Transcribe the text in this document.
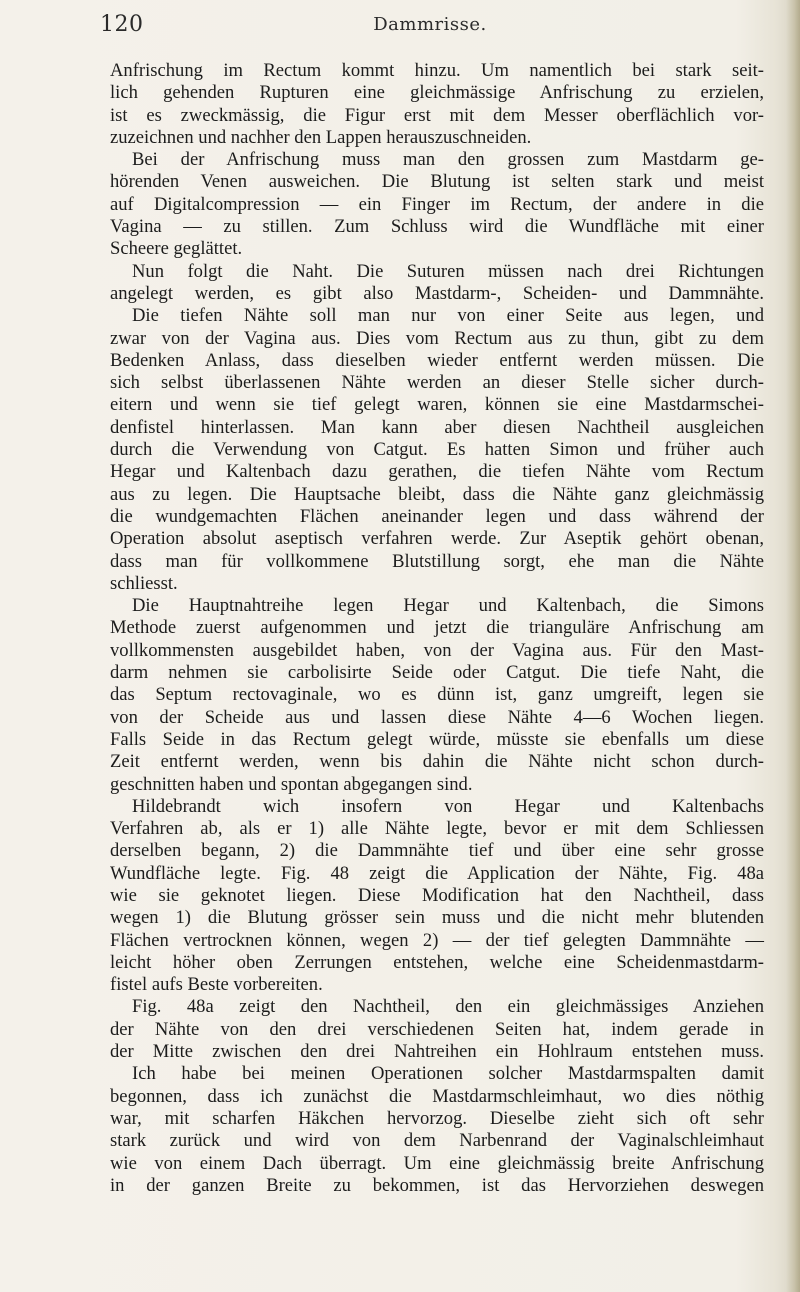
120	Dammrisse.
Anfrischung im Rectum kommt hinzu. Um namentlich bei stark seit-
lich gehenden Rupturen eine gleichmässige Anfrischung zu erzielen,
ist es zweckmässig, die Figur erst mit dem Messer oberflächlich vor-
zuzeichnen und nachher den Lappen herauszuschneiden.
Bei der Anfrischung muss man den grossen zum Mastdarm ge-
hörenden Venen ausweichen. Die Blutung ist selten stark und meist
auf Digitalcompression — ein Finger im Rectum, der andere in die
Vagina — zu stillen. Zum Schluss wird die Wundfläche mit einer
Scheere geglättet.
Nun folgt die Naht. Die Suturen müssen nach drei Richtungen
angelegt werden, es gibt also Mastdarm-, Scheiden- und Dammnähte.
Die tiefen Nähte soll man nur von einer Seite aus legen, und
zwar von der Vagina aus. Dies vom Rectum aus zu thun, gibt zu dem
Bedenken Anlass, dass dieselben wieder entfernt werden müssen. Die
sich selbst überlassenen Nähte werden an dieser Stelle sicher durch-
eitern und wenn sie tief gelegt waren, können sie eine Mastdarmschei-
denfistel hinterlassen. Man kann aber diesen Nachtheil ausgleichen
durch die Verwendung von Catgut. Es hatten Simon und früher auch
Hegar und Kaltenbach dazu gerathen, die tiefen Nähte vom Rectum
aus zu legen. Die Hauptsache bleibt, dass die Nähte ganz gleichmässig
die wundgemachten Flächen aneinander legen und dass während der
Operation absolut aseptisch verfahren werde. Zur Aseptik gehört obenan,
dass man für vollkommene Blutstillung sorgt, ehe man die Nähte
schliesst.
Die Hauptnahtreihe legen Hegar und Kaltenbach, die Simons
Methode zuerst aufgenommen und jetzt die trianguläre Anfrischung am
vollkommensten ausgebildet haben, von der Vagina aus. Für den Mast-
darm nehmen sie carbolisirte Seide oder Catgut. Die tiefe Naht, die
das Septum rectovaginale, wo es dünn ist, ganz umgreift, legen sie
von der Scheide aus und lassen diese Nähte 4—6 Wochen liegen.
Falls Seide in das Rectum gelegt würde, müsste sie ebenfalls um diese
Zeit entfernt werden, wenn bis dahin die Nähte nicht schon durch-
geschnitten haben und spontan abgegangen sind.
Hildebrandt wich insofern von Hegar und Kaltenbachs
Verfahren ab, als er 1) alle Nähte legte, bevor er mit dem Schliessen
derselben begann, 2) die Dammnähte tief und über eine sehr grosse
Wundfläche legte. Fig. 48 zeigt die Application der Nähte, Fig. 48a
wie sie geknotet liegen. Diese Modification hat den Nachtheil, dass
wegen 1) die Blutung grösser sein muss und die nicht mehr blutenden
Flächen vertrocknen können, wegen 2) — der tief gelegten Dammnähte —
leicht höher oben Zerrungen entstehen, welche eine Scheidenmastdarm-
fistel aufs Beste vorbereiten.
Fig. 48a zeigt den Nachtheil, den ein gleichmässiges Anziehen
der Nähte von den drei verschiedenen Seiten hat, indem gerade in
der Mitte zwischen den drei Nahtreihen ein Hohlraum entstehen muss.
Ich habe bei meinen Operationen solcher Mastdarmspalten damit
begonnen, dass ich zunächst die Mastdarmschleimhaut, wo dies nöthig
war, mit scharfen Häkchen hervorzog. Dieselbe zieht sich oft sehr
stark zurück und wird von dem Narbenrand der Vaginalschleimhaut
wie von einem Dach überragt. Um eine gleichmässig breite Anfrischung
in der ganzen Breite zu bekommen, ist das Hervorziehen deswegen
